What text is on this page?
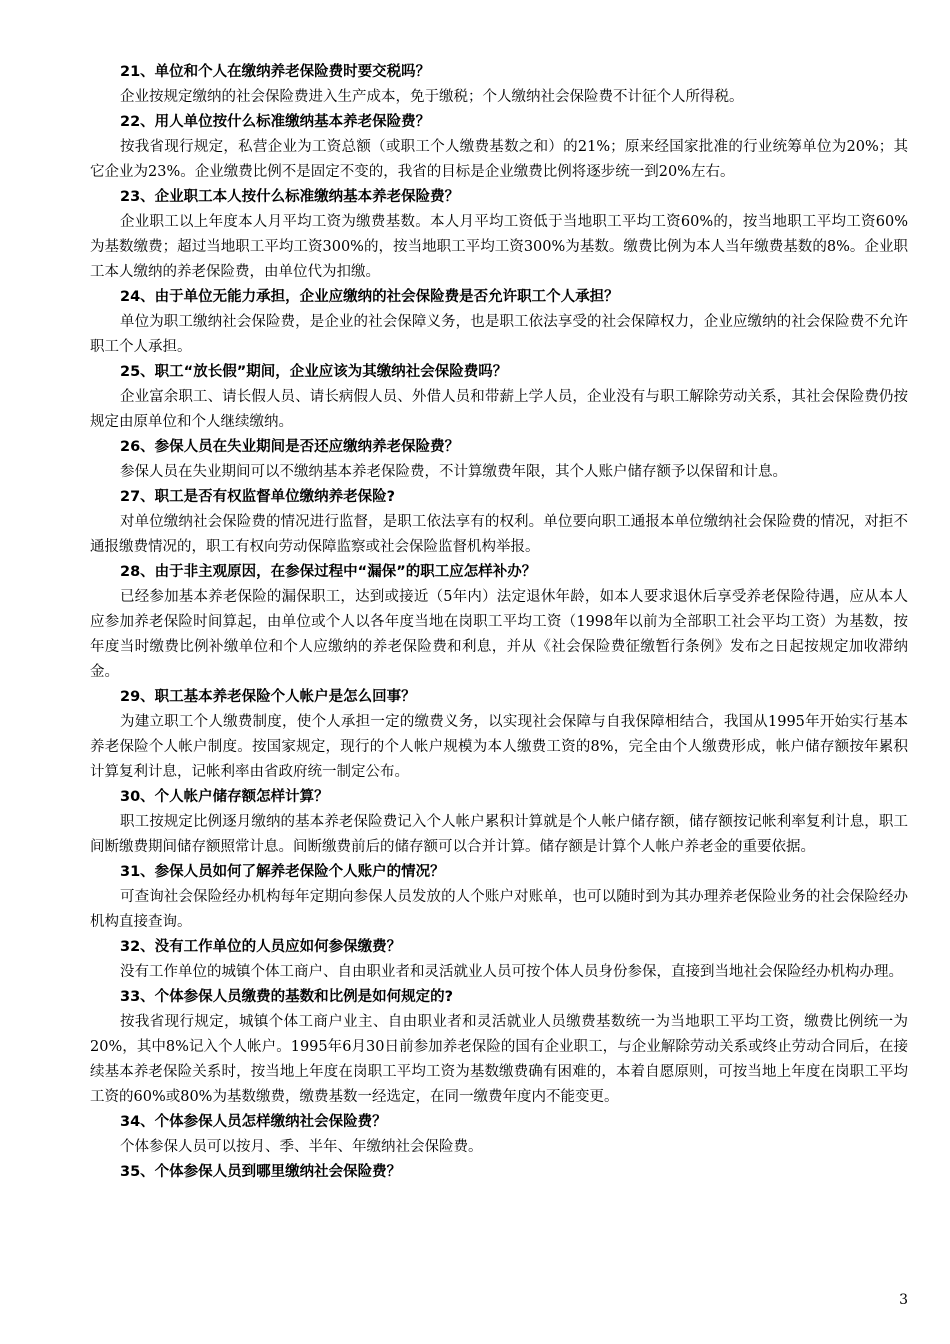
21、单位和个人在缴纳养老保险费时要交税吗？

企业按规定缴纳的社会保险费进入生产成本，免于缴税；个人缴纳社会保险费不计征个人所得税。

22、用人单位按什么标准缴纳基本养老保险费？

按我省现行规定，私营企业为工资总额（或职工个人缴费基数之和）的21%；原来经国家批准的行业统筹单位为20%；其它企业为23%。企业缴费比例不是固定不变的，我省的目标是企业缴费比例将逐步统一到20%左右。

23、企业职工本人按什么标准缴纳基本养老保险费？

企业职工以上年度本人月平均工资为缴费基数。本人月平均工资低于当地职工平均工资60%的，按当地职工平均工资60%为基数缴费；超过当地职工平均工资300%的，按当地职工平均工资300%为基数。缴费比例为本人当年缴费基数的8%。企业职工本人缴纳的养老保险费，由单位代为扣缴。

24、由于单位无能力承担，企业应缴纳的社会保险费是否允许职工个人承担？

单位为职工缴纳社会保险费，是企业的社会保障义务，也是职工依法享受的社会保障权力，企业应缴纳的社会保险费不允许职工个人承担。

25、职工“放长假”期间，企业应该为其缴纳社会保险费吗？

企业富余职工、请长假人员、请长病假人员、外借人员和带薪上学人员，企业没有与职工解除劳动关系，其社会保险费仍按规定由原单位和个人继续缴纳。

26、参保人员在失业期间是否还应缴纳养老保险费？

参保人员在失业期间可以不缴纳基本养老保险费，不计算缴费年限，其个人账户储存额予以保留和计息。

27、职工是否有权监督单位缴纳养老保险?

对单位缴纳社会保险费的情况进行监督，是职工依法享有的权利。单位要向职工通报本单位缴纳社会保险费的情况，对拒不通报缴费情况的，职工有权向劳动保障监察或社会保险监督机构举报。

28、由于非主观原因，在参保过程中“漏保”的职工应怎样补办？

已经参加基本养老保险的漏保职工，达到或接近（5年内）法定退休年龄，如本人要求退休后享受养老保险待遇，应从本人应参加养老保险时间算起，由单位或个人以各年度当地在岗职工平均工资（1998年以前为全部职工社会平均工资）为基数，按年度当时缴费比例补缴单位和个人应缴纳的养老保险费和利息，并从《社会保险费征缴暂行条例》发布之日起按规定加收滞纳金。

29、职工基本养老保险个人帐户是怎么回事？

为建立职工个人缴费制度，使个人承担一定的缴费义务，以实现社会保障与自我保障相结合，我国从1995年开始实行基本养老保险个人帐户制度。按国家规定，现行的个人帐户规模为本人缴费工资的8%，完全由个人缴费形成，帐户储存额按年累积计算复利计息，记帐利率由省政府统一制定公布。

30、个人帐户储存额怎样计算？

职工按规定比例逐月缴纳的基本养老保险费记入个人帐户累积计算就是个人帐户储存额，储存额按记帐利率复利计息，职工间断缴费期间储存额照常计息。间断缴费前后的储存额可以合并计算。储存额是计算个人帐户养老金的重要依据。

31、参保人员如何了解养老保险个人账户的情况？

可查询社会保险经办机构每年定期向参保人员发放的人个账户对账单，也可以随时到为其办理养老保险业务的社会保险经办机构直接查询。

32、没有工作单位的人员应如何参保缴费？

没有工作单位的城镇个体工商户、自由职业者和灵活就业人员可按个体人员身份参保，直接到当地社会保险经办机构办理。

33、个体参保人员缴费的基数和比例是如何规定的?

按我省现行规定，城镇个体工商户业主、自由职业者和灵活就业人员缴费基数统一为当地职工平均工资，缴费比例统一为20%，其中8%记入个人帐户。1995年6月30日前参加养老保险的国有企业职工，与企业解除劳动关系或终止劳动合同后，在接续基本养老保险关系时，按当地上年度在岗职工平均工资为基数缴费确有困难的，本着自愿原则，可按当地上年度在岗职工平均工资的60%或80%为基数缴费，缴费基数一经选定，在同一缴费年度内不能变更。

34、个体参保人员怎样缴纳社会保险费？

个体参保人员可以按月、季、半年、年缴纳社会保险费。

35、个体参保人员到哪里缴纳社会保险费？

3
